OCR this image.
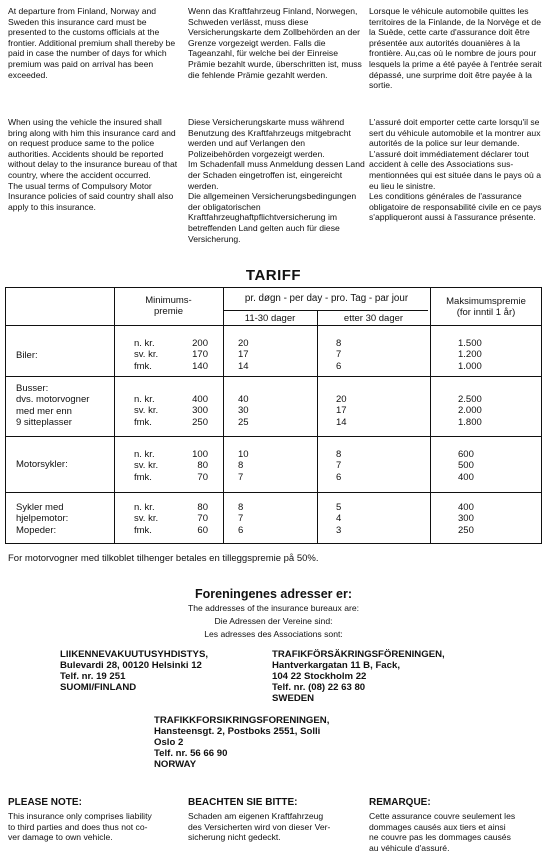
At departure from Finland, Norway and Sweden this insurance card must be presented to the customs officials at the frontier. Additional premium shall thereby be paid in case the number of days for which premium was paid on arrival has been exceeded.

Wenn das Kraftfahrzeug Finland, Norwegen, Schweden verlässt, muss diese Versicherungskarte dem Zollbehörden an der Grenze vorgezeigt werden. Falls die Tageanzahl, für welche bei der Einreise Prämie bezahlt wurde, überschritten ist, muss die fehlende Prämie gezahlt werden.

Lorsque le véhicule automobile quittes les territoires de la Finlande, de la Norvège et de la Suède, cette carte d'assurance doit être présentée aux autorités douanières à la frontière. Au,cas où le nombre de jours pour lesquels la prime a été payée à l'entrée serait dépassé, une surprime doit être payée à la sortie.

When using the vehicle the insured shall bring along with him this insurance card and on request produce same to the police authorities. Accidents should be reported without delay to the insurance bureau of that country, where the accident occurred.
The usual terms of Compulsory Motor Insurance policies of said country shall also apply to this insurance.

Diese Versicherungskarte muss während Benutzung des Kraftfahrzeugs mitgebracht werden und auf Verlangen den Polizeibehörden vorgezeigt werden.
Im Schadenfall muss Anmeldung dessen Land der Schaden eingetroffen ist, eingereicht werden.
Die allgemeinen Versicherungsbedingungen der obligatorischen Kraftfahrzeughaftpflichtversicherung im betreffenden Land gelten auch für diese Versicherung.

L'assuré doit emporter cette carte lorsqu'il se sert du véhicule automobile et la montrer aux autorités de la police sur leur demande.
L'assuré doit immédiatement déclarer tout accident à celle des Associations sus-mentionnées qui est située dans le pays où a eu lieu le sinistre.
Les conditions générales de l'assurance obligatoire de responsabilité civile en ce pays s'appliqueront aussi à l'assurance présente.

TARIFF
Minimums-
premie
pr. døgn - per day - pro. Tag - par jour
11-30 dager	etter 30 dager
Maksimumspremie
(for inntil 1 år)
Biler:
n. kr.
sv. kr.
fmk.
200
170
140
20
17
14
8
7
6
1.500
1.200
1.000
Busser:
dvs. motorvogner
med mer enn
9 sitteplasser
n. kr.
sv. kr.
fmk.
400
300
250
40
30
25
20
17
14
2.500
2.000
1.800
Motorsykler:
n. kr.
sv. kr.
fmk.
100
80
70
10
8
7
8
7
6
600
500
400
Sykler med
hjelpemotor:
Mopeder:
n. kr.
sv. kr.
fmk.
80
70
60
8
7
6
5
4
3
400
300
250
For motorvogner med tilkoblet tilhenger betales en tilleggspremie på 50%.
Foreningenes adresser er:
The addresses of the insurance bureaux are:
Die Adressen der Vereine sind:
Les adresses des Associations sont:
LIIKENNEVAKUUTUSYHDISTYS,
Bulevardi 28, 00120 Helsinki 12
Telf. nr. 19 251
SUOMI/FINLAND
TRAFIKFÖRSÄKRINGSFÖRENINGEN,
Hantverkargatan 11 B, Fack,
104 22 Stockholm 22
Telf. nr. (08) 22 63 80
SWEDEN
TRAFIKKFORSIKRINGSFORENINGEN,
Hansteensgt. 2, Postboks 2551, Solli
Oslo 2
Telf. nr. 56 66 90
NORWAY
PLEASE NOTE:
This insurance only comprises liability
to third parties and does thus not co-
ver damage to own vehicle.
BEACHTEN SIE BITTE:
Schaden am eigenen Kraftfahrzeug
des Versicherten wird von dieser Ver-
sicherung nicht gedeckt.
REMARQUE:
Cette assurance couvre seulement les
dommages causés aux tiers et ainsi
ne couvre pas les dommages causés
au véhicule d'assuré.
